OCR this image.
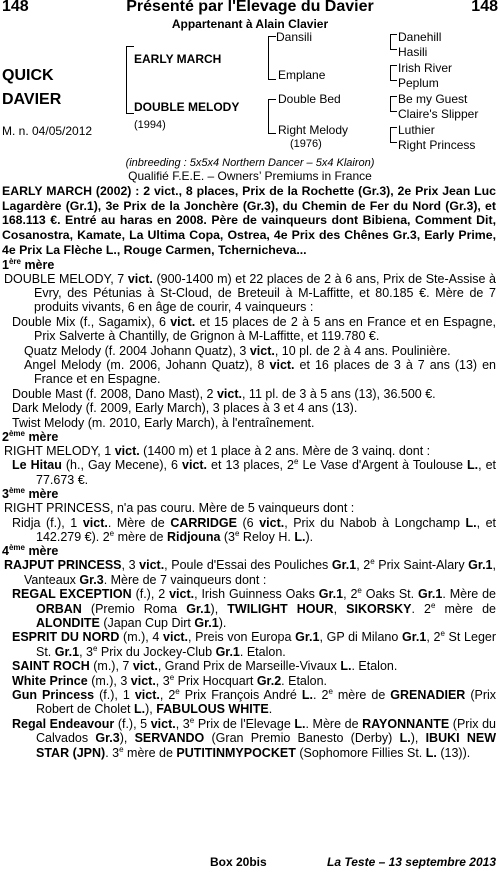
148	Présenté par l'Elevage du Davier	148
Appartenant à Alain Clavier
QUICK
DAVIER
M. n. 04/05/2012
EARLY MARCH
DOUBLE MELODY
(1994)
Dansili
Emplane
Double Bed
Right Melody
(1976)
Danehill
Hasili
Irish River
Peplum
Be my Guest
Claire's Slipper
Luthier
Right Princess
(inbreeding : 5x5x4 Northern Dancer – 5x4 Klairon)
Qualifié F.E.E. – Owners’ Premiums in France

EARLY MARCH (2002) : 2 vict., 8 places, Prix de la Rochette (Gr.3), 2e Prix Jean Luc Lagardère (Gr.1), 3e Prix de la Jonchère (Gr.3), du Chemin de Fer du Nord (Gr.3), et 168.113 €. Entré au haras en 2008. Père de vainqueurs dont Bibiena, Comment Dit, Cosanostra, Kamate, La Ultima Copa, Ostrea, 4e Prix des Chênes Gr.3, Early Prime, 4e Prix La Flèche L., Rouge Carmen, Tchernicheva...

1ère mère

DOUBLE MELODY, 7 vict. (900-1400 m) et 22 places de 2 à 6 ans, Prix de Ste-Assise à Evry, des Pétunias à St-Cloud, de Breteuil à M-Laffitte, et 80.185 €. Mère de 7 produits vivants, 6 en âge de courir, 4 vainqueurs :

Double Mix (f., Sagamix), 6 vict. et 15 places de 2 à 5 ans en France et en Espagne, Prix Salverte à Chantilly, de Grignon à M-Laffitte, et 119.780 €.

Quatz Melody (f. 2004 Johann Quatz), 3 vict., 10 pl. de 2 à 4 ans. Poulinière.

Angel Melody (m. 2006, Johann Quatz), 8 vict. et 16 places de 3 à 7 ans (13) en France et en Espagne.

Double Mast (f. 2008, Dano Mast), 2 vict., 11 pl. de 3 à 5 ans (13), 36.500 €.

Dark Melody (f. 2009, Early March), 3 places à 3 et 4 ans (13).

Twist Melody (m. 2010, Early March), à l'entraînement.

2ème mère

RIGHT MELODY, 1 vict. (1400 m) et 1 place à 2 ans. Mère de 3 vainq. dont :

Le Hitau (h., Gay Mecene), 6 vict. et 13 places, 2e Le Vase d'Argent à Toulouse L., et 77.673 €.

3ème mère

RIGHT PRINCESS, n'a pas couru. Mère de 5 vainqueurs dont :

Ridja (f.), 1 vict.. Mère de CARRIDGE (6 vict., Prix du Nabob à Longchamp L., et 142.279 €). 2e mère de Ridjouna (3e Reloy H. L.).

4ème mère

RAJPUT PRINCESS, 3 vict., Poule d'Essai des Pouliches Gr.1, 2e Prix Saint-Alary Gr.1, Vanteaux Gr.3. Mère de 7 vainqueurs dont :

REGAL EXCEPTION (f.), 2 vict., Irish Guinness Oaks Gr.1, 2e Oaks St. Gr.1. Mère de ORBAN (Premio Roma Gr.1), TWILIGHT HOUR, SIKORSKY. 2e mère de ALONDITE (Japan Cup Dirt Gr.1).

ESPRIT DU NORD (m.), 4 vict., Preis von Europa Gr.1, GP di Milano Gr.1, 2e St Leger St. Gr.1, 3e Prix du Jockey-Club Gr.1. Etalon.

SAINT ROCH (m.), 7 vict., Grand Prix de Marseille-Vivaux L.. Etalon.

White Prince (m.), 3 vict., 3e Prix Hocquart Gr.2. Etalon.

Gun Princess (f.), 1 vict., 2e Prix François André L.. 2e mère de GRENADIER (Prix Robert de Cholet L.), FABULOUS WHITE.

Regal Endeavour (f.), 5 vict., 3e Prix de l'Elevage L.. Mère de RAYONNANTE (Prix du Calvados Gr.3), SERVANDO (Gran Premio Banesto (Derby) L.), IBUKI NEW STAR (JPN). 3e mère de PUTITINMYPOCKET (Sophomore Fillies St. L. (13)).

Box 20bis	La Teste – 13 septembre 2013
